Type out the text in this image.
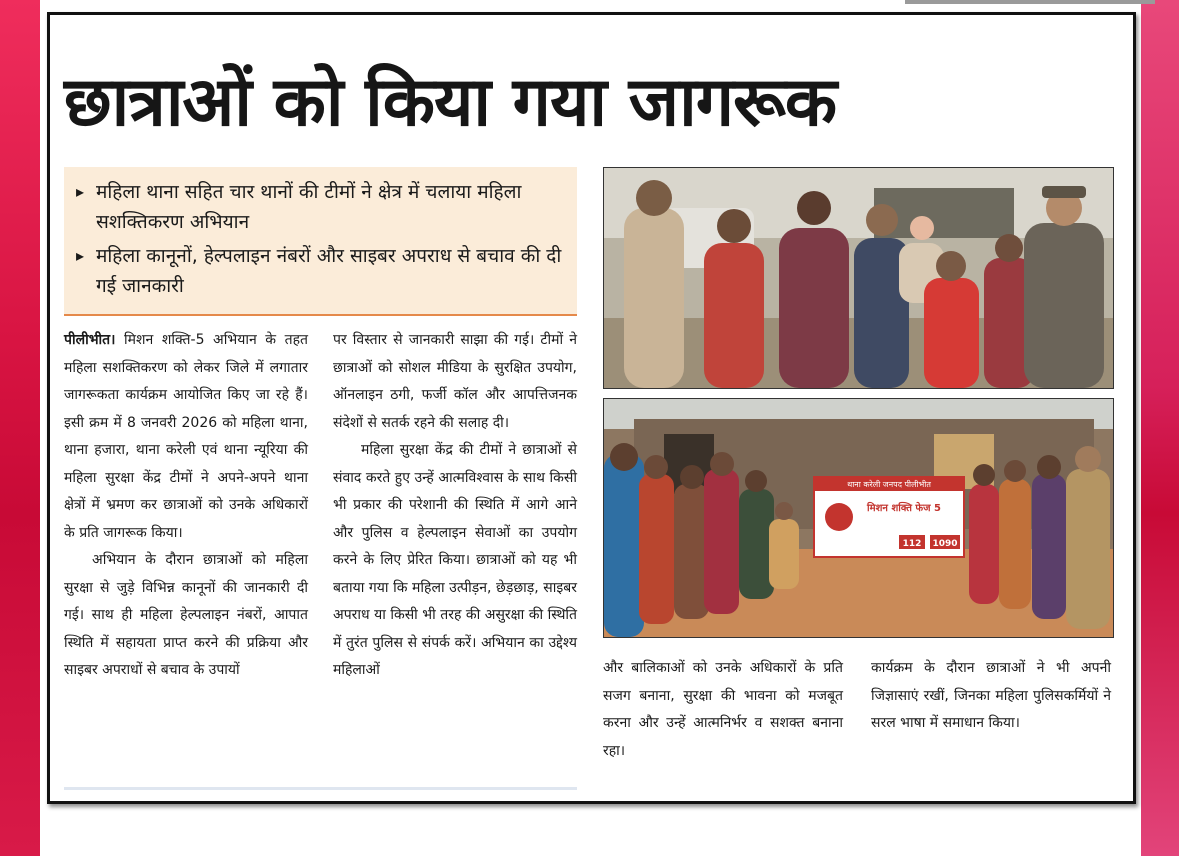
छात्राओं को किया गया जागरूक

▸ महिला थाना सहित चार थानों की टीमों ने क्षेत्र में चलाया महिला सशक्तिकरण अभियान

▸ महिला कानूनों, हेल्पलाइन नंबरों और साइबर अपराध से बचाव की दी गई जानकारी

पीलीभीत। मिशन शक्ति-5 अभियान के तहत महिला सशक्तिकरण को लेकर जिले में लगातार जागरूकता कार्यक्रम आयोजित किए जा रहे हैं। इसी क्रम में 8 जनवरी 2026 को महिला थाना, थाना हजारा, थाना करेली एवं थाना न्यूरिया की महिला सुरक्षा केंद्र टीमों ने अपने-अपने थाना क्षेत्रों में भ्रमण कर छात्राओं को उनके अधिकारों के प्रति जागरूक किया।

अभियान के दौरान छात्राओं को महिला सुरक्षा से जुड़े विभिन्न कानूनों की जानकारी दी गई। साथ ही महिला हेल्पलाइन नंबरों, आपात स्थिति में सहायता प्राप्त करने की प्रक्रिया और साइबर अपराधों से बचाव के उपायों

पर विस्तार से जानकारी साझा की गई। टीमों ने छात्राओं को सोशल मीडिया के सुरक्षित उपयोग, ऑनलाइन ठगी, फर्जी कॉल और आपत्तिजनक संदेशों से सतर्क रहने की सलाह दी।

महिला सुरक्षा केंद्र की टीमों ने छात्राओं से संवाद करते हुए उन्हें आत्मविश्वास के साथ किसी भी प्रकार की परेशानी की स्थिति में आगे आने और पुलिस व हेल्पलाइन सेवाओं का उपयोग करने के लिए प्रेरित किया। छात्राओं को यह भी बताया गया कि महिला उत्पीड़न, छेड़छाड़, साइबर अपराध या किसी भी तरह की असुरक्षा की स्थिति में तुरंत पुलिस से संपर्क करें। अभियान का उद्देश्य महिलाओं

थाना करेली जनपद पीलीभीत
मिशन शक्ति फेज 5
112 1090

और बालिकाओं को उनके अधिकारों के प्रति सजग बनाना, सुरक्षा की भावना को मजबूत करना और उन्हें आत्मनिर्भर व सशक्त बनाना रहा।

कार्यक्रम के दौरान छात्राओं ने भी अपनी जिज्ञासाएं रखीं, जिनका महिला पुलिसकर्मियों ने सरल भाषा में समाधान किया।
